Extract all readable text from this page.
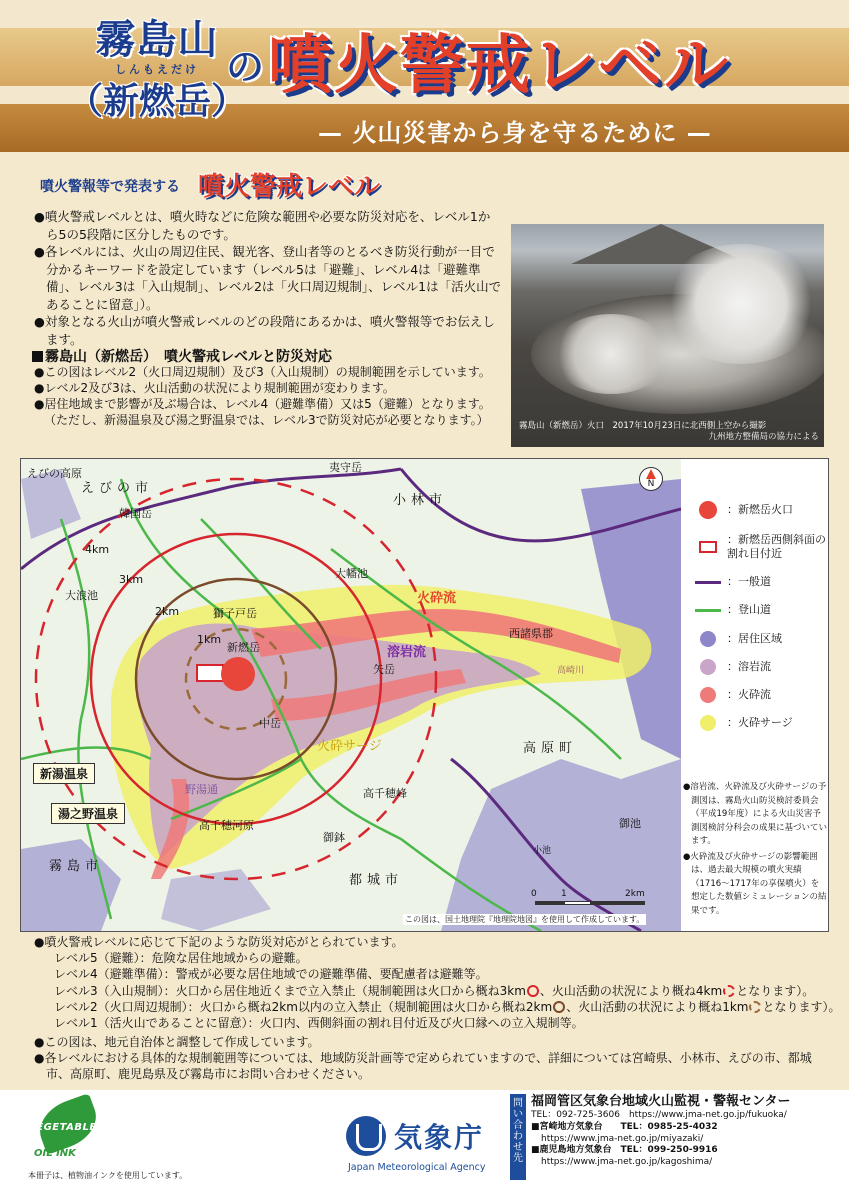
霧島山
しんもえだけ
（新燃岳）
の 噴火警戒レベル
— 火山災害から身を守るために —
噴火警報等で発表する 噴火警戒レベル

●噴火警戒レベルとは、噴火時などに危険な範囲や必要な防災対応を、レベル1から5の5段階に区分したものです。

●各レベルには、火山の周辺住民、観光客、登山者等のとるべき防災行動が一目で分かるキーワードを設定しています（レベル5は「避難」、レベル4は「避難準備」、レベル3は「入山規制」、レベル2は「火口周辺規制」、レベル1は「活火山であることに留意」）。

●対象となる火山が噴火警戒レベルのどの段階にあるかは、噴火警報等でお伝えします。

霧島山（新燃岳）火口　2017年10月23日に北西側上空から撮影
九州地方整備局の協力による
霧島山（新燃岳）　噴火警戒レベルと防災対応

●この図はレベル2（火口周辺規制）及び3（入山規制）の規制範囲を示しています。

●レベル2及び3は、火山活動の状況により規制範囲が変わります。

●居住地域まで影響が及ぶ場合は、レベル4（避難準備）又は5（避難）となります。

（ただし、新湯温泉及び湯之野温泉では、レベル3で防災対応が必要となります。）

えびの高原	夷守岳
えびの市
小林市
韓国岳
4km
大幡池
3km
大浪池	火砕流
2km	獅子戸岳
西諸県郡
1km
新燃岳	溶岩流
矢岳	高崎川
中岳
火砕サージ	高原町
新湯温泉
湯之野温泉
野湯通	高千穂峰
高千穂河原	御池
御鉢
小池
霧島市
都城市
N
0	1	2km
この図は、国土地理院『地理院地図』を使用して作成しています。
：新燃岳火口
：新燃岳西側斜面の割れ目付近
：一般道
：登山道
：居住区域
：溶岩流
：火砕流
：火砕サージ

●溶岩流、火砕流及び火砕サージの予測図は、霧島火山防災検討委員会（平成19年度）による火山災害予測図検討分科会の成果に基づいています。

●火砕流及び火砕サージの影響範囲は、過去最大規模の噴火実績（1716～1717年の享保噴火）を想定した数値シミュレーションの結果です。

●噴火警戒レベルに応じて下記のような防災対応がとられています。

レベル5（避難）：危険な居住地域からの避難。

レベル4（避難準備）：警戒が必要な居住地域での避難準備、要配慮者は避難等。

レベル3（入山規制）：火口から居住地近くまで立入禁止（規制範囲は火口から概ね3km 、火山活動の状況により概ね4km となります）。

レベル2（火口周辺規制）：火口から概ね2km以内の立入禁止（規制範囲は火口から概ね2km 、火山活動の状況により概ね1km となります）。

レベル1（活火山であることに留意）：火口内、西側斜面の割れ目付近及び火口縁への立入規制等。

●この図は、地元自治体と調整して作成しています。

●各レベルにおける具体的な規制範囲等については、地域防災計画等で定められていますので、詳細については宮崎県、小林市、えびの市、都城市、高原町、鹿児島県及び霧島市にお問い合わせください。

VEGETABLE
OIL INK
本冊子は、植物油インクを使用しています。
気象庁
Japan Meteorological Agency
問い合わせ先
福岡管区気象台地域火山監視・警報センター
TEL：092-725-3606　https://www.jma-net.go.jp/fukuoka/
■宮崎地方気象台　　TEL：0985-25-4032
https://www.jma-net.go.jp/miyazaki/
■鹿児島地方気象台　TEL：099-250-9916
https://www.jma-net.go.jp/kagoshima/
